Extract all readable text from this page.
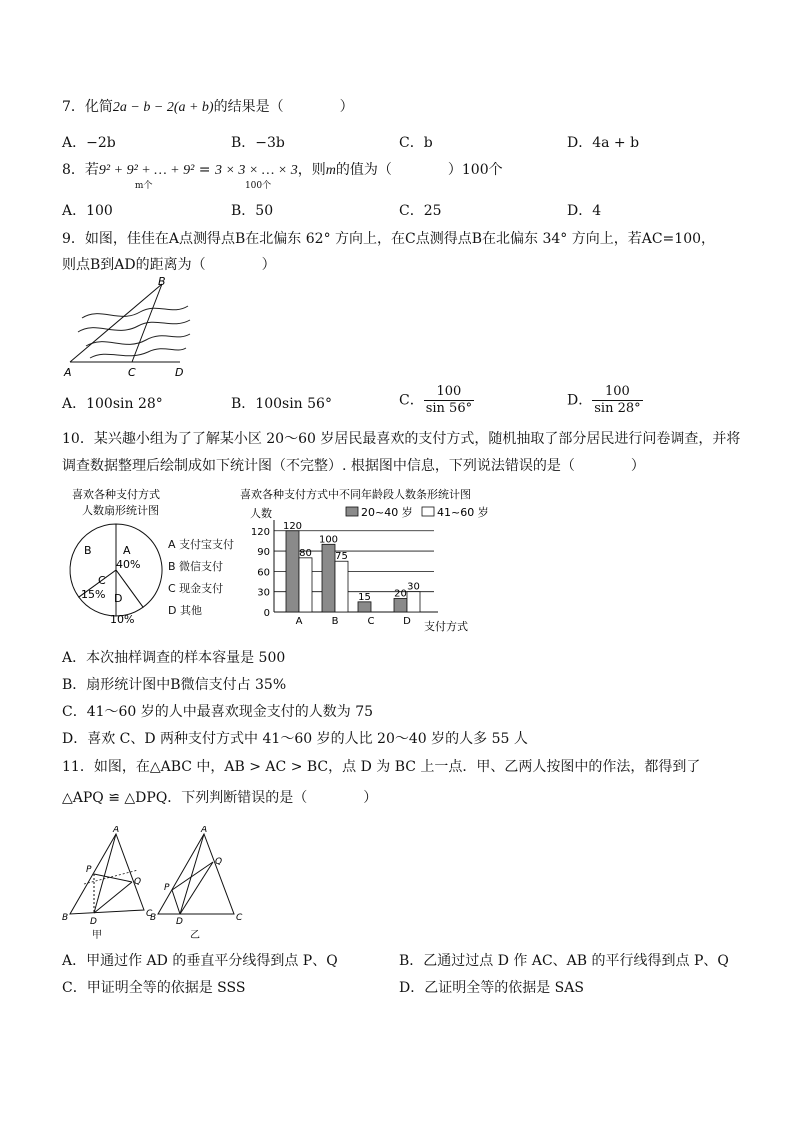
7．化简2a − b − 2(a + b)的结果是（　　　　）
A．−2b	B．−3b	C．b	D．4a + b
8．若9² + 9² + … + 9²
m个
= 3 × 3 × … × 3
100个
，则m的值为（　　　　）100个
A．100	B．50	C．25	D．4
9．如图，佳佳在A点测得点B在北偏东 62° 方向上，在C点测得点B在北偏东 34° 方向上，若AC=100，
则点B到AD的距离为（　　　　）
A
B
C	D
A．100sin 28°	B．100sin 56°	C． $\frac{100}{\sin 56^\circ}$	D． $\frac{100}{\sin 28^\circ}$
10．某兴趣小组为了了解某小区 20～60 岁居民最喜欢的支付方式，随机抽取了部分居民进行问卷调查，并将
调查数据整理后绘制成如下统计图（不完整）. 根据图中信息，下列说法错误的是（　　　　）
喜欢各种支付方式
人数扇形统计图
A
40%
B
C
15% D
10%
A 支付宝支付
B 微信支付
C 现金支付
D 其他
喜欢各种支付方式中不同年龄段人数条形统计图
人数	20~40 岁 41~60 岁
支付方式
0
30
60
90
120
120
80
A
100
75
B
15
C
20
30
D
A．本次抽样调查的样本容量是 500
B．扇形统计图中B微信支付占 35%
C．41～60 岁的人中最喜欢现金支付的人数为 75
D．喜欢 C、D 两种支付方式中 41～60 岁的人比 20～40 岁的人多 55 人
11．如图，在△ABC 中，AB > AC > BC，点 D 为 BC 上一点．甲、乙两人按图中的作法，都得到了
△APQ ≌ △DPQ．下列判断错误的是（　　　　）
A
P
Q
B D
C
甲
A
P
Q
B D	C
乙
A．甲通过作 AD 的垂直平分线得到点 P、Q	B．乙通过过点 D 作 AC、AB 的平行线得到点 P、Q
C．甲证明全等的依据是 SSS	D．乙证明全等的依据是 SAS
